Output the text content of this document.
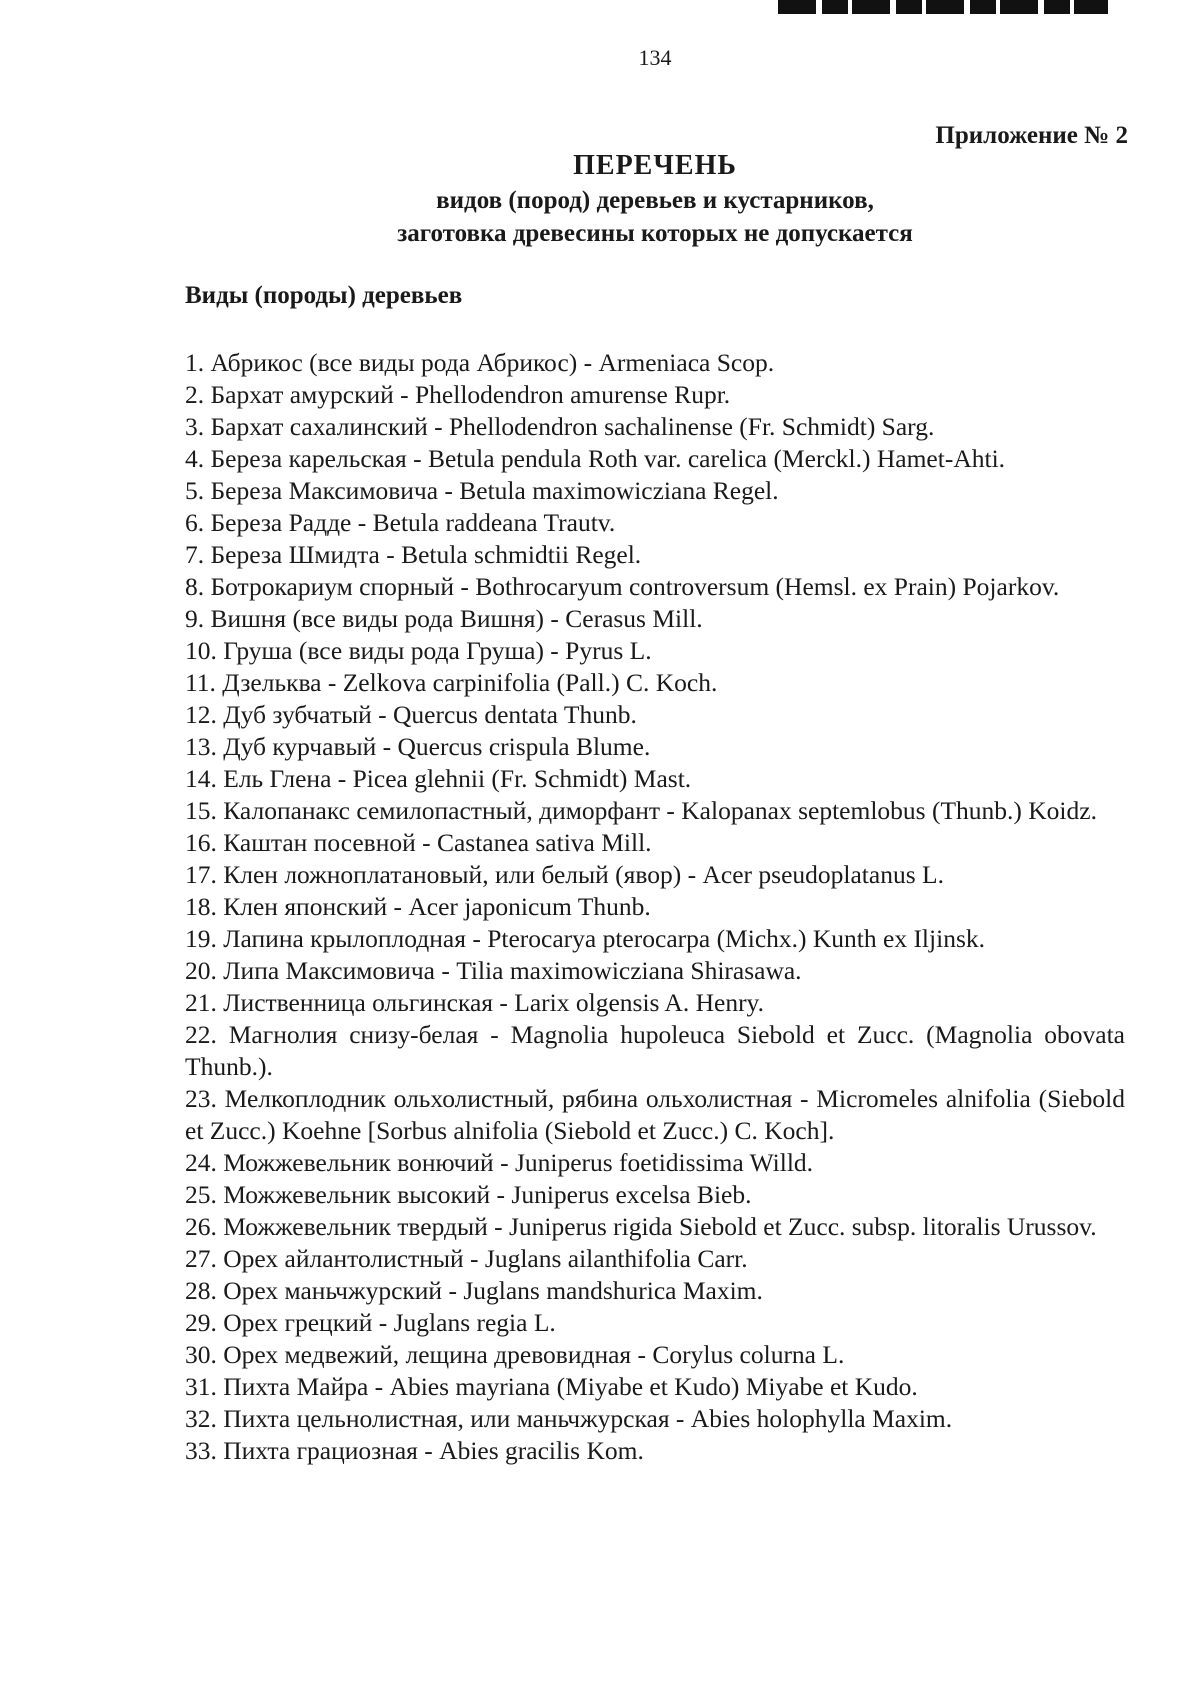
134
Приложение № 2
ПЕРЕЧЕНЬ
видов (пород) деревьев и кустарников,
заготовка древесины которых не допускается
Виды (породы) деревьев
1. Абрикос (все виды рода Абрикос) - Armeniaca Scop.
2. Бархат амурский - Phellodendron amurense Rupr.
3. Бархат сахалинский - Phellodendron sachalinense (Fr. Schmidt) Sarg.
4. Береза карельская - Betula pendula Roth var. carelica (Merckl.) Hamet-Ahti.
5. Береза Максимовича - Betula maximowicziana Regel.
6. Береза Радде - Betula raddeana Trautv.
7. Береза Шмидта - Betula schmidtii Regel.
8. Ботрокариум спорный - Bothrocaryum controversum (Hemsl. ex Prain) Pojarkov.
9. Вишня (все виды рода Вишня) - Cerasus Mill.
10. Груша (все виды рода Груша) - Pyrus L.
11. Дзельква - Zelkova carpinifolia (Pall.) C. Koch.
12. Дуб зубчатый - Quercus dentata Thunb.
13. Дуб курчавый - Quercus crispula Blume.
14. Ель Глена - Picea glehnii (Fr. Schmidt) Mast.
15. Калопанакс семилопастный, диморфант - Kalopanax septemlobus (Thunb.) Koidz.
16. Каштан посевной - Castanea sativa Mill.
17. Клен ложноплатановый, или белый (явор) - Acer pseudoplatanus L.
18. Клен японский - Acer japonicum Thunb.
19. Лапина крылоплодная - Pterocarya pterocarpa (Michx.) Kunth ex Iljinsk.
20. Липа Максимовича - Tilia maximowicziana Shirasawa.
21. Лиственница ольгинская - Larix olgensis A. Henry.
22. Магнолия снизу-белая - Magnolia hupoleuca Siebold et Zucc. (Magnolia obovata Thunb.).
23. Мелкоплодник ольхолистный, рябина ольхолистная - Micromeles alnifolia (Siebold et Zucc.) Koehne [Sorbus alnifolia (Siebold et Zucc.) C. Koch].
24. Можжевельник вонючий - Juniperus foetidissima Willd.
25. Можжевельник высокий - Juniperus excelsa Bieb.
26. Можжевельник твердый - Juniperus rigida Siebold et Zucc. subsp. litoralis Urussov.
27. Орех айлантолистный - Juglans ailanthifolia Carr.
28. Орех маньчжурский - Juglans mandshurica Maxim.
29. Орех грецкий - Juglans regia L.
30. Орех медвежий, лещина древовидная - Corylus colurna L.
31. Пихта Майра - Abies mayriana (Miyabe et Kudo) Miyabe et Kudo.
32. Пихта цельнолистная, или маньчжурская - Abies holophylla Maxim.
33. Пихта грациозная - Abies gracilis Kom.
